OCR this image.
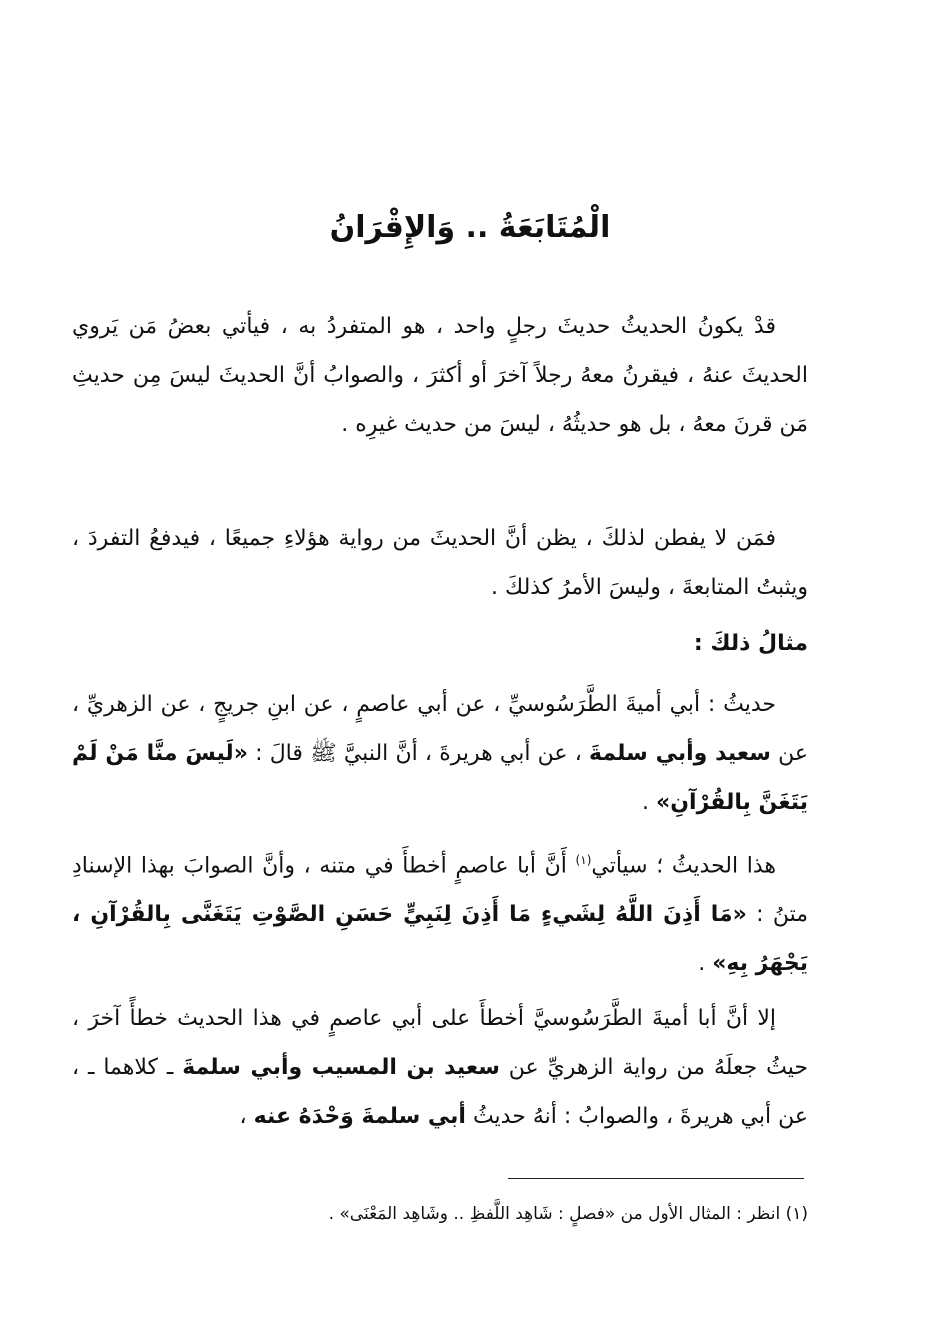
الْمُتَابَعَةُ .. وَالإِقْرَانُ
قدْ يكونُ الحديثُ حديثَ رجلٍ واحد ، هو المتفردُ به ، فيأتي بعضُ مَن يَروي الحديثَ عنهُ ، فيقرنُ معهُ رجلاً آخرَ أو أكثرَ ، والصوابُ أنَّ الحديثَ ليسَ مِن حديثِ مَن قرنَ معهُ ، بل هو حديثُهُ ، ليسَ من حديث غيرِه .
فمَن لا يفطن لذلكَ ، يظن أنَّ الحديثَ من رواية هؤلاءِ جميعًا ، فيدفعُ التفردَ ، ويثبتُ المتابعةَ ، وليسَ الأمرُ كذلكَ .
مثالُ ذلكَ :
حديثُ : أبي أميةَ الطَّرَسُوسيِّ ، عن أبي عاصمٍ ، عن ابنِ جريجٍ ، عن الزهريِّ ، عن سعيد وأبي سلمةَ ، عن أبي هريرةَ ، أنَّ النبيَّ ﷺ قالَ : «لَيسَ منَّا مَنْ لَمْ يَتَغَنَّ بِالقُرْآنِ» .
هذا الحديثُ ؛ سيأتي$^{(١)}$ أَنَّ أبا عاصمٍ أخطأَ في متنه ، وأنَّ الصوابَ بهذا الإسنادِ متنُ : «مَا أَذِنَ اللَّهُ لِشَيءٍ مَا أَذِنَ لِنَبِيٍّ حَسَنِ الصَّوْتِ يَتَغَنَّى بِالقُرْآنِ ، يَجْهَرُ بِهِ» .
إلا أنَّ أبا أميةَ الطَّرَسُوسيَّ أخطأَ على أبي عاصمٍ في هذا الحديث خطأً آخرَ ، حيثُ جعلَهُ من رواية الزهريِّ عن سعيد بن المسيب وأبي سلمةَ ـ كلاهما ـ ، عن أبي هريرةَ ، والصوابُ : أنهُ حديثُ أبي سلمةَ وَحْدَهُ عنه ،
(١) انظر : المثال الأول من «فصلٍ : شَاهِد اللَّفظِ .. وشَاهِد المَعْنَى» .
